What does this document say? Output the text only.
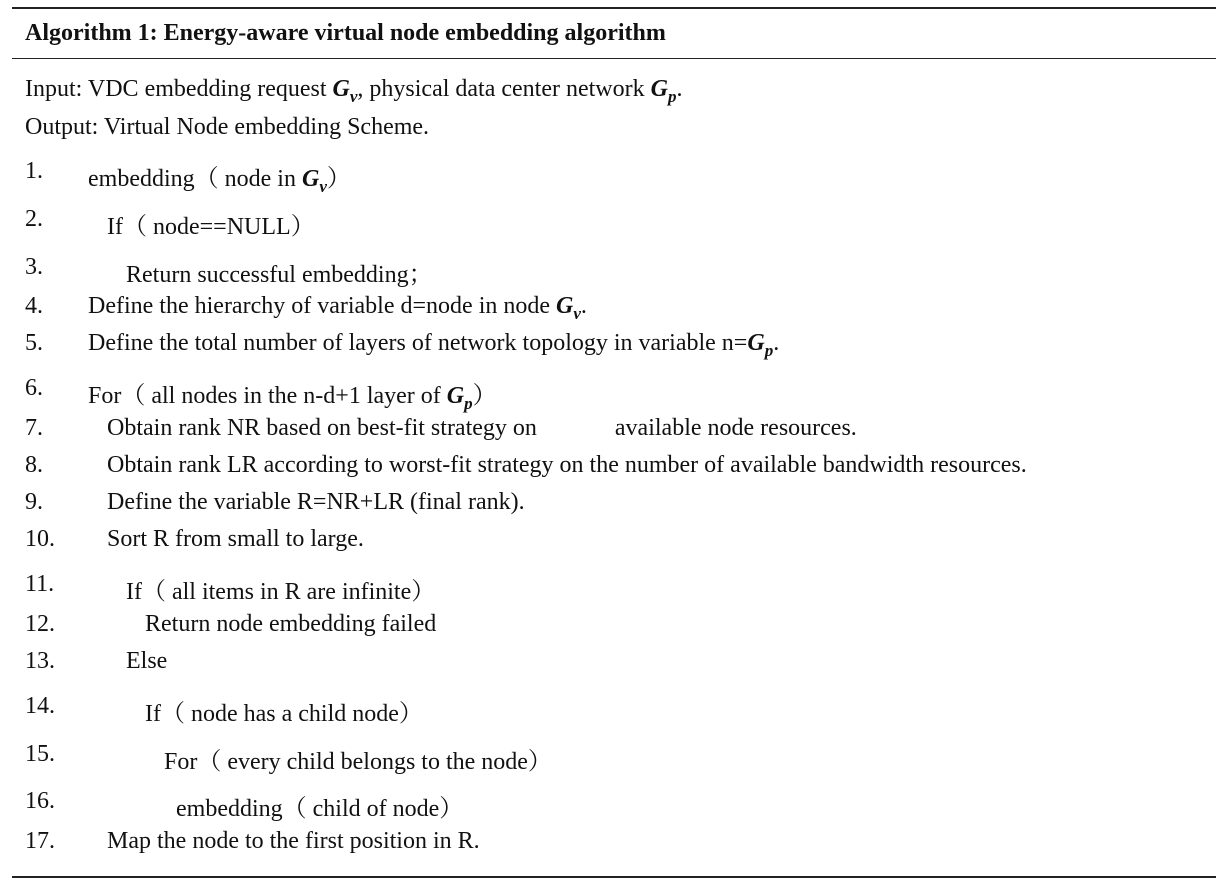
Algorithm 1: Energy-aware virtual node embedding algorithm
Input: VDC embedding request $G_v$, physical data center network $G_p$.
Output: Virtual Node embedding Scheme.
1. embedding（ node in $G_v$）
2.	If（ node==NULL）
3.	Return successful embedding；
4. Define the hierarchy of variable d=node in node $G_v$.
5. Define the total number of layers of network topology in variable $n=G_p$.
6. For（ all nodes in the n-d+1 layer of $G_p$）
7.	Obtain rank NR based on best-fit strategy on	available node resources.
8.	Obtain rank LR according to worst-fit strategy on the number of available bandwidth resources.
9.	Define the variable R=NR+LR (final rank).
10. Sort R from small to large.
11.	If（ all items in R are infinite）
12.	Return node embedding failed
13.	Else
14.	If（ node has a child node）
15.	For（ every child belongs to the node）
16.	embedding（ child of node）
17. Map the node to the first position in R.
